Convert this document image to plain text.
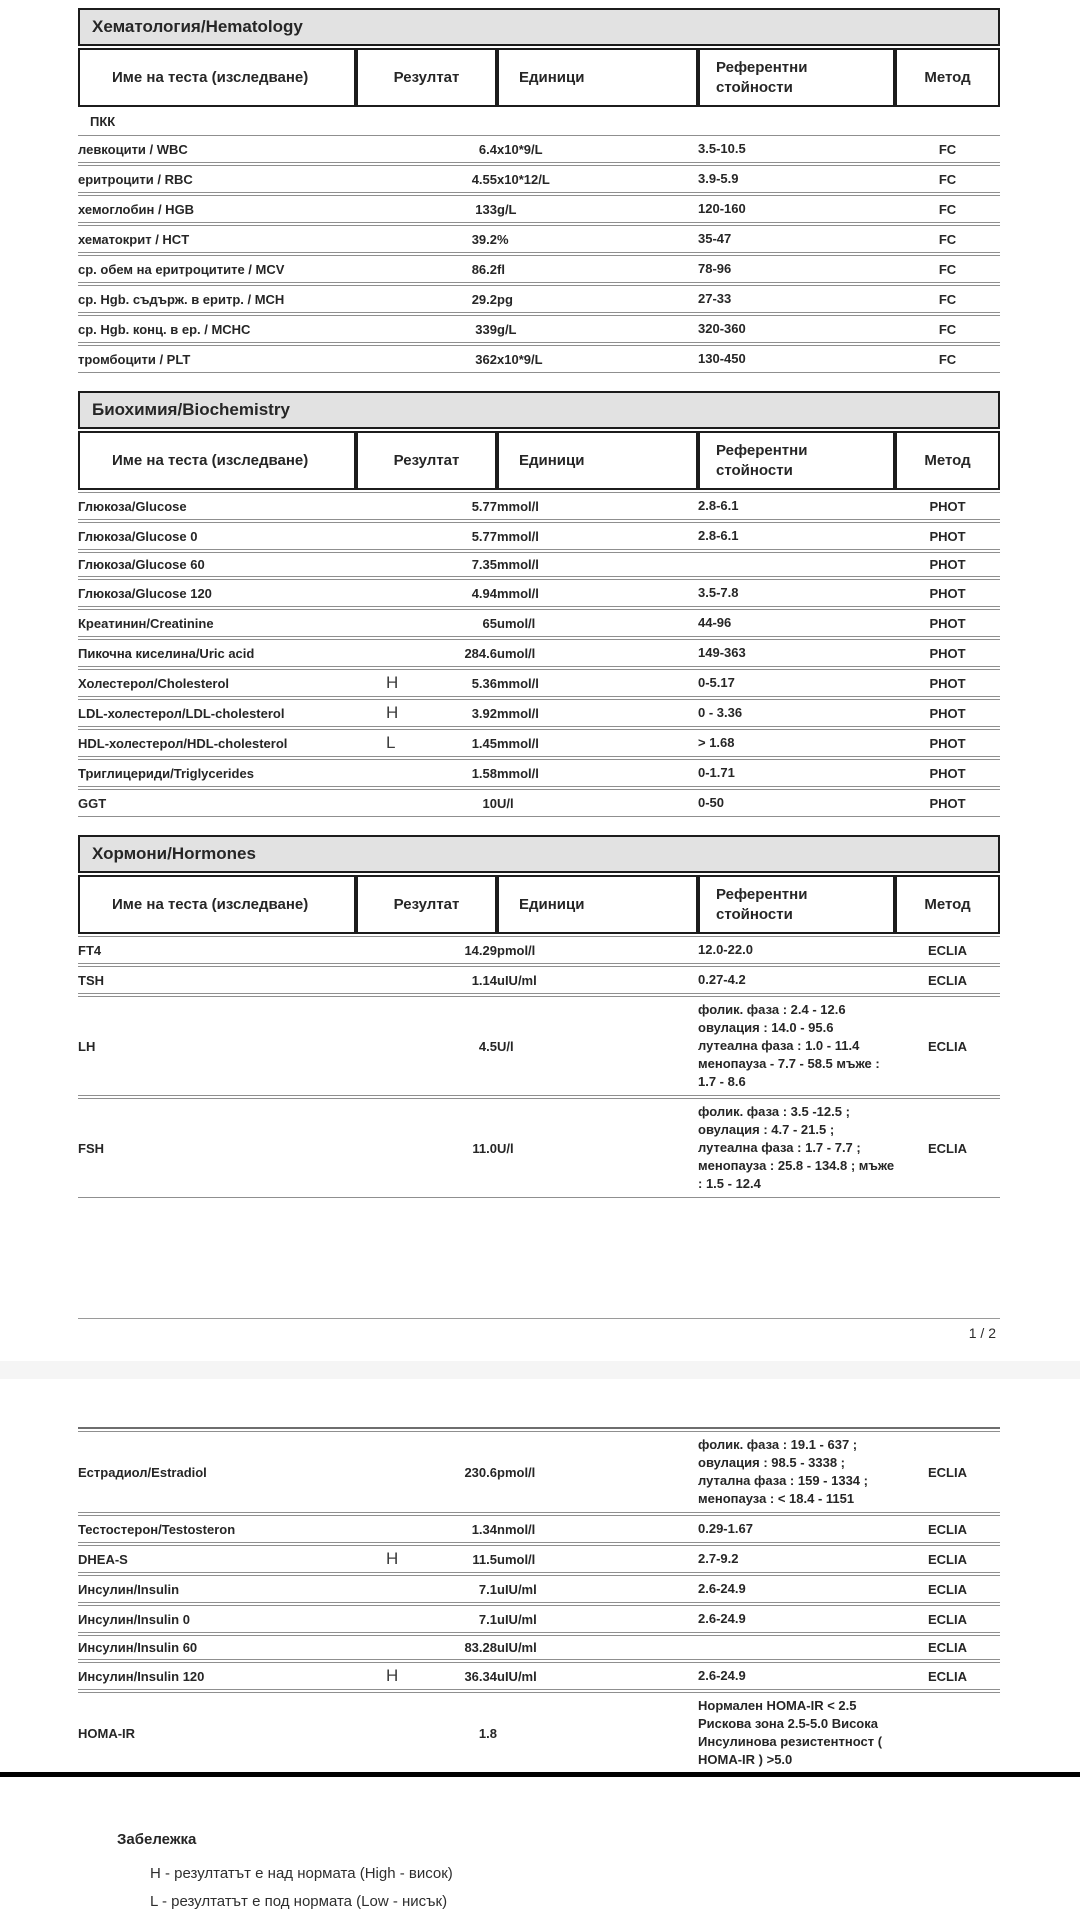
Хематология/Hematology				
Име на теста (изследване)	Резултат	Единици	Референтни стойности	Метод
ПКК				
левкоцити / WBC	6.4	x10*9/L	3.5-10.5	FC
еритроцити / RBC	4.55	x10*12/L	3.9-5.9	FC
хемоглобин / HGB	133	g/L	120-160	FC
хематокрит / HCT	39.2	%	35-47	FC
ср. обем на еритроцитите / MCV	86.2	fl	78-96	FC
ср. Hgb. съдърж. в еритр. / MCH	29.2	pg	27-33	FC
ср. Hgb. конц. в ер. / MCHC	339	g/L	320-360	FC
тромбоцити / PLT	362	x10*9/L	130-450	FC
Биохимия/Biochemistry				
Име на теста (изследване)	Резултат	Единици	Референтни стойности	Метод
Глюкоза/Glucose	5.77	mmol/l	2.8-6.1	PHOT
Глюкоза/Glucose 0	5.77	mmol/l	2.8-6.1	PHOT
Глюкоза/Glucose 60	7.35	mmol/l		PHOT
Глюкоза/Glucose 120	4.94	mmol/l	3.5-7.8	PHOT
Креатинин/Creatinine	65	umol/l	44-96	PHOT
Пикочна киселина/Uric acid	284.6	umol/l	149-363	PHOT
Холестерол/Cholesterol	H 5.36	mmol/l	0-5.17	PHOT
LDL-холестерол/LDL-cholesterol	H 3.92	mmol/l	0 - 3.36	PHOT
HDL-холестерол/HDL-cholesterol	L 1.45	mmol/l	> 1.68	PHOT
Триглицериди/Triglycerides	1.58	mmol/l	0-1.71	PHOT
GGT	10	U/l	0-50	PHOT
Хормони/Hormones				
Име на теста (изследване)	Резултат	Единици	Референтни стойности	Метод
FT4	14.29	pmol/l	12.0-22.0	ECLIA
TSH	1.14	uIU/ml	0.27-4.2	ECLIA
LH	4.5	U/l	фолик. фаза : 2.4 - 12.6 овулация : 14.0 - 95.6 лутеална фаза : 1.0 - 11.4 менопауза - 7.7 - 58.5 мъже : 1.7 - 8.6	ECLIA
FSH	11.0	U/l	фолик. фаза : 3.5 -12.5 ; овулация : 4.7 - 21.5 ; лутеална фаза : 1.7 - 7.7 ; менопауза : 25.8 - 134.8 ; мъже : 1.5 - 12.4	ECLIA
1 / 2
Естрадиол/Estradiol	230.6	pmol/l	фолик. фаза : 19.1 - 637 ; овулация : 98.5 - 3338 ; лутална фаза : 159 - 1334 ; менопауза : < 18.4 - 1151	ECLIA
Тестостерон/Testosteron	1.34	nmol/l	0.29-1.67	ECLIA
DHEA-S	H 11.5	umol/l	2.7-9.2	ECLIA
Инсулин/Insulin	7.1	uIU/ml	2.6-24.9	ECLIA
Инсулин/Insulin 0	7.1	uIU/ml	2.6-24.9	ECLIA
Инсулин/Insulin 60	83.28	uIU/ml		ECLIA
Инсулин/Insulin 120	H 36.34	uIU/ml	2.6-24.9	ECLIA
HOMA-IR	1.8		Нормален HOMA-IR < 2.5 Рискова зона 2.5-5.0 Висока Инсулинова резистентност ( HOMA-IR ) >5.0	
Забележка
H - резултатът е над нормата (High - висок)
L - резултатът е под нормата (Low - нисък)
